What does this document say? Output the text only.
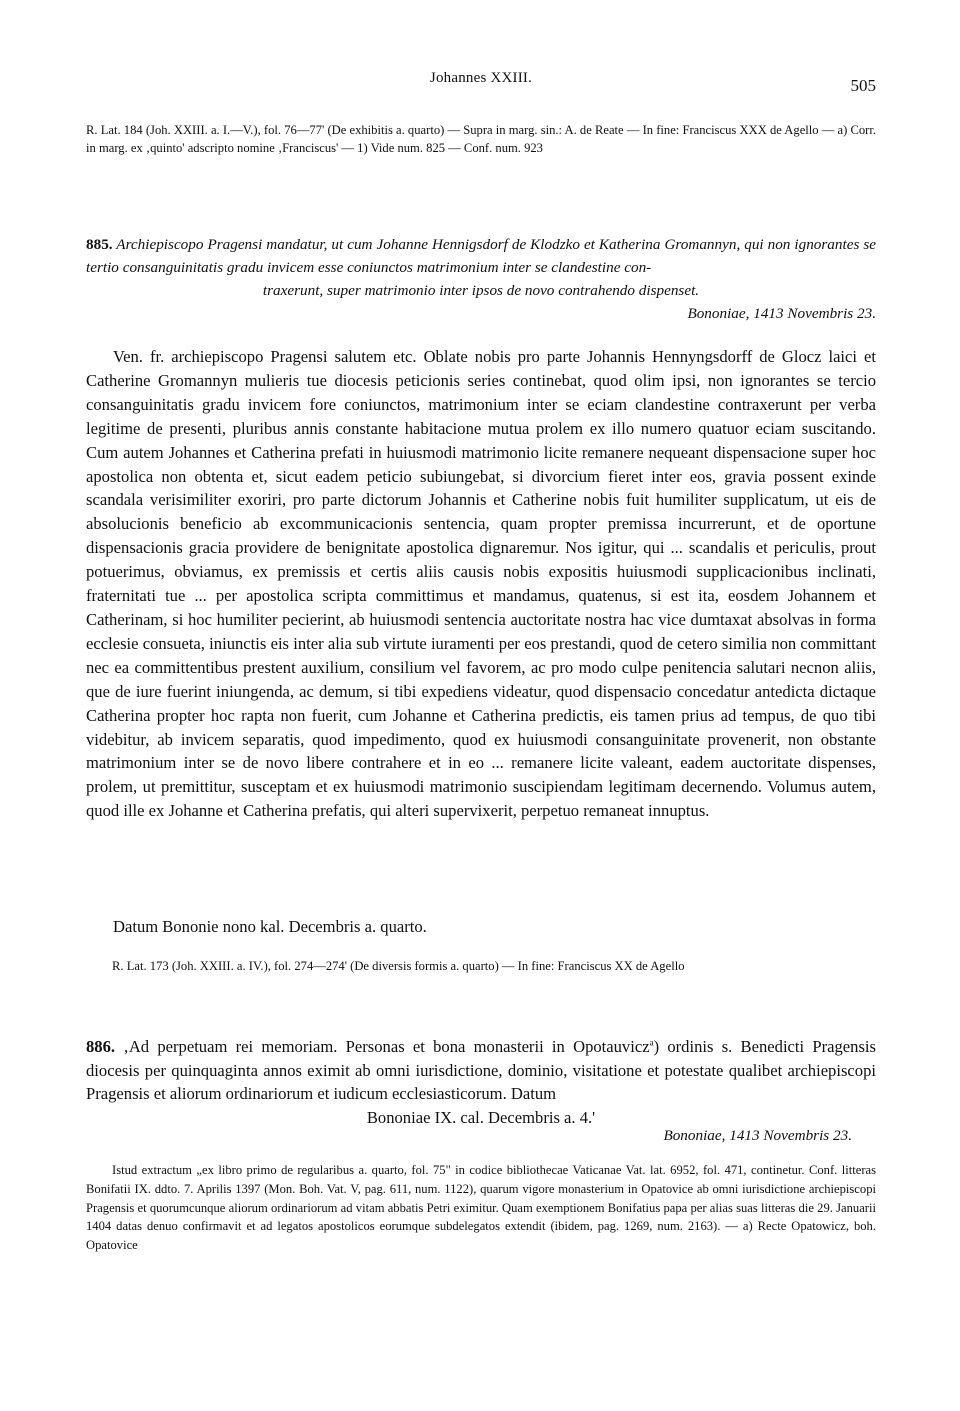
Johannes XXIII.	505

R. Lat. 184 (Joh. XXIII. a. I.—V.), fol. 76—77' (De exhibitis a. quarto) — Supra in marg. sin.: A. de Reate — In fine: Franciscus XXX de Agello — a) Corr. in marg. ex ‚quinto' adscripto nomine ‚Franciscus' — 1) Vide num. 825 — Conf. num. 923

885. Archiepiscopo Pragensi mandatur, ut cum Johanne Hennigsdorf de Klodzko et Katherina Gromannyn, qui non ignorantes se tertio consanguinitatis gradu invicem esse coniunctos matrimonium inter se clandestine con-
traxerunt, super matrimonio inter ipsos de novo contrahendo dispenset.

Bononiae, 1413 Novembris 23.

Ven. fr. archiepiscopo Pragensi salutem etc. Oblate nobis pro parte Johannis Hennyngsdorff de Glocz laici et Catherine Gromannyn mulieris tue diocesis peticionis series continebat, quod olim ipsi, non ignorantes se tercio consanguinitatis gradu invicem fore coniunctos, matrimonium inter se eciam clandestine contraxerunt per verba legitime de presenti, pluribus annis constante habitacione mutua prolem ex illo numero quatuor eciam suscitando. Cum autem Johannes et Catherina prefati in huiusmodi matrimonio licite remanere nequeant dispensacione super hoc apostolica non obtenta et, sicut eadem peticio subiungebat, si divorcium fieret inter eos, gravia possent exinde scandala verisimiliter exoriri, pro parte dictorum Johannis et Catherine nobis fuit humiliter supplicatum, ut eis de absolucionis beneficio ab excommunicacionis sentencia, quam propter premissa incurrerunt, et de oportune dispensacionis gracia providere de benignitate apostolica dignaremur. Nos igitur, qui ... scandalis et periculis, prout potuerimus, obviamus, ex premissis et certis aliis causis nobis expositis huiusmodi supplicacionibus inclinati, fraternitati tue ... per apostolica scripta committimus et mandamus, quatenus, si est ita, eosdem Johannem et Catherinam, si hoc humiliter pecierint, ab huiusmodi sentencia auctoritate nostra hac vice dumtaxat absolvas in forma ecclesie consueta, iniunctis eis inter alia sub virtute iuramenti per eos prestandi, quod de cetero similia non committant nec ea committentibus prestent auxilium, consilium vel favorem, ac pro modo culpe penitencia salutari necnon aliis, que de iure fuerint iniungenda, ac demum, si tibi expediens videatur, quod dispensacio concedatur antedicta dictaque Catherina propter hoc rapta non fuerit, cum Johanne et Catherina predictis, eis tamen prius ad tempus, de quo tibi videbitur, ab invicem separatis, quod impedimento, quod ex huiusmodi consanguinitate provenerit, non obstante matrimonium inter se de novo libere contrahere et in eo ... remanere licite valeant, eadem auctoritate dispenses, prolem, ut premittitur, susceptam et ex huiusmodi matrimonio suscipiendam legitimam decernendo. Volumus autem, quod ille ex Johanne et Catherina prefatis, qui alteri supervixerit, perpetuo remaneat innuptus.

Datum Bononie nono kal. Decembris a. quarto.

R. Lat. 173 (Joh. XXIII. a. IV.), fol. 274—274' (De diversis formis a. quarto) — In fine: Franciscus XX de Agello

886. ‚Ad perpetuam rei memoriam. Personas et bona monasterii in Opotauvicz$^a$) ordinis s. Benedicti Pragensis diocesis per quinquaginta annos eximit ab omni iurisdictione, dominio, visitatione et potestate qualibet archiepiscopi Pragensis et aliorum ordinariorum et iudicum ecclesiasticorum. Datum
Bononiae IX. cal. Decembris a. 4.'

Bononiae, 1413 Novembris 23.

Istud extractum „ex libro primo de regularibus a. quarto, fol. 75" in codice bibliothecae Vaticanae Vat. lat. 6952, fol. 471, continetur. Conf. litteras Bonifatii IX. ddto. 7. Aprilis 1397 (Mon. Boh. Vat. V, pag. 611, num. 1122), quarum vigore monasterium in Opatovice ab omni iurisdictione archiepiscopi Pragensis et quorumcunque aliorum ordinariorum ad vitam abbatis Petri eximitur. Quam exemptionem Bonifatius papa per alias suas litteras die 29. Januarii 1404 datas denuo confirmavit et ad legatos apostolicos eorumque subdelegatos extendit (ibidem, pag. 1269, num. 2163). — a) Recte Opatowicz, boh. Opatovice
